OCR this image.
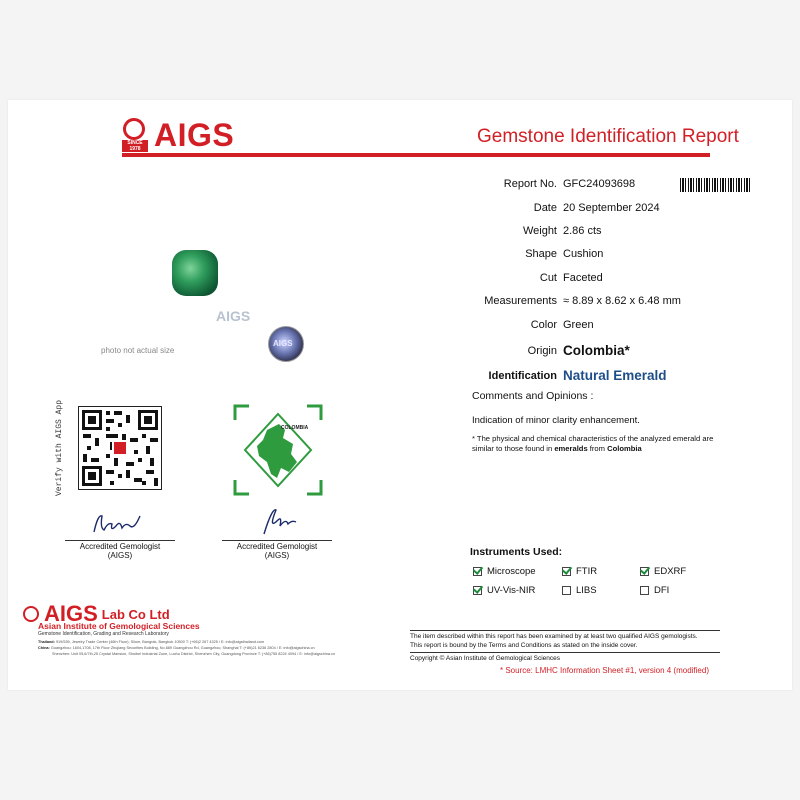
SINCE 1978 AIGS	Gemstone Identification Report
Report No. GFC24093698
Date 20 September 2024
Weight 2.86 cts
Shape Cushion
Cut Faceted
Measurements ≈ 8.89 x 8.62 x 6.48 mm
Color Green
Origin Colombia*
Identification Natural Emerald
Comments and Opinions :
Indication of minor clarity enhancement.
* The physical and chemical characteristics of the analyzed emerald are
similar to those found in emeralds from Colombia
AIGS
AIGS
photo not actual size
Verify with AIGS App	COLOMBIA
Accredited Gemologist
(AIGS)
Accredited Gemologist
(AIGS)	Instruments Used:
Microscope	FTIR	EDXRF
UV-Vis-NIR	LIBS	DFI
The item described within this report has been examined by at least two qualified AIGS gemologists.
This report is bound by the Terms and Conditions as stated on the inside cover.
Copyright © Asian Institute of Gemological Sciences
AIGS Lab Co Ltd
Asian Institute of Gemological Sciences
Gemstone Identification, Grading and Research Laboratory
Thailand: 919/539, Jewelry Trade Center (46th Floor), Silom, Bangrak, Bangkok 10500 T: (+66)2 267 4325 / E: info@aigsthailand.com
China: Guangzhou: 1604,1708, 17th Floor Zhujiang Securities Building, No.689 Guangzhou Rd, Guangzhou; Shanghai T: (+86)21 6236 2804 / E: info@aigschina.cn
Shenzhen: Unit 05,6/7th,25 Crystal Mansion, Shuibei Industrial Zone, Luohu District, Shenzhen City, Guangdong Province T: (+86)755 8224 4094 / E: info@aigschina.cn
* Source: LMHC Information Sheet #1, version 4 (modified)
